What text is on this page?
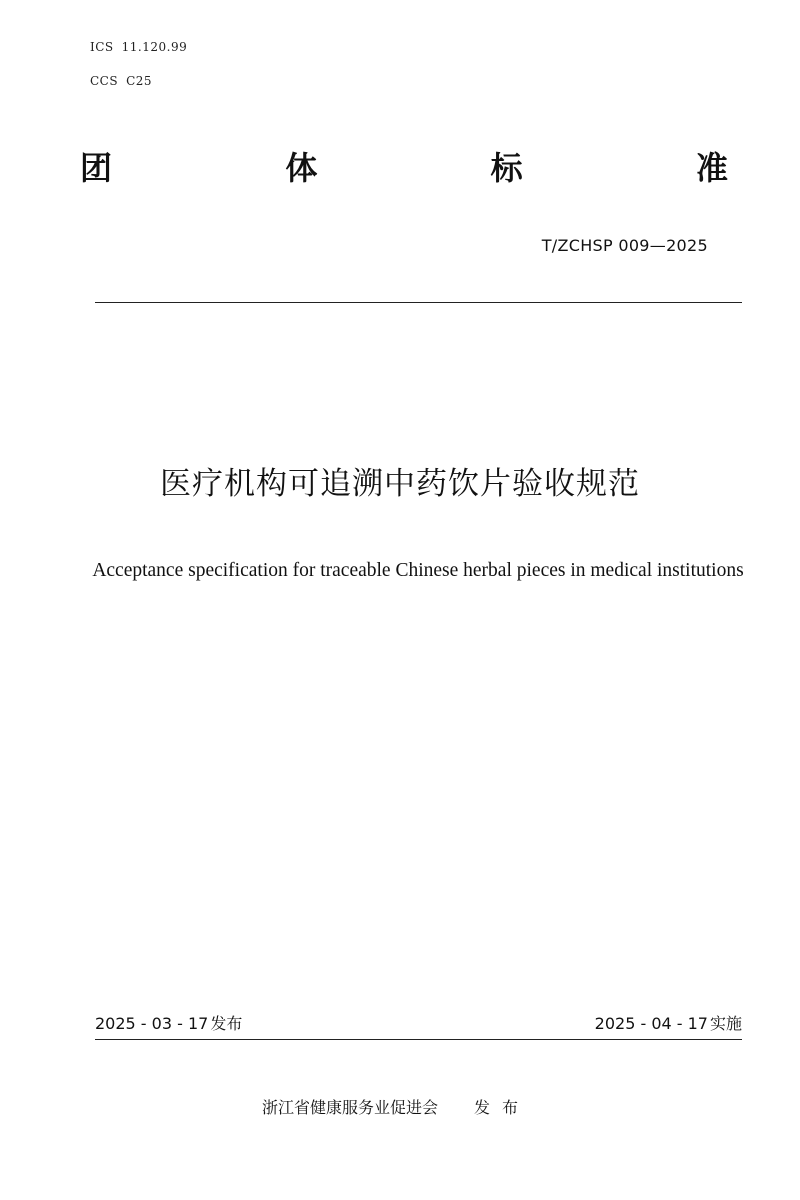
ICS 11.120.99
CCS C25
团	体	标	准
T/ZCHSP 009—2025
医疗机构可追溯中药饮片验收规范
Acceptance specification for traceable Chinese herbal pieces in medical institutions
2025 - 03 - 17 发布	2025 - 04 - 17 实施
浙江省健康服务业促进会 发布
